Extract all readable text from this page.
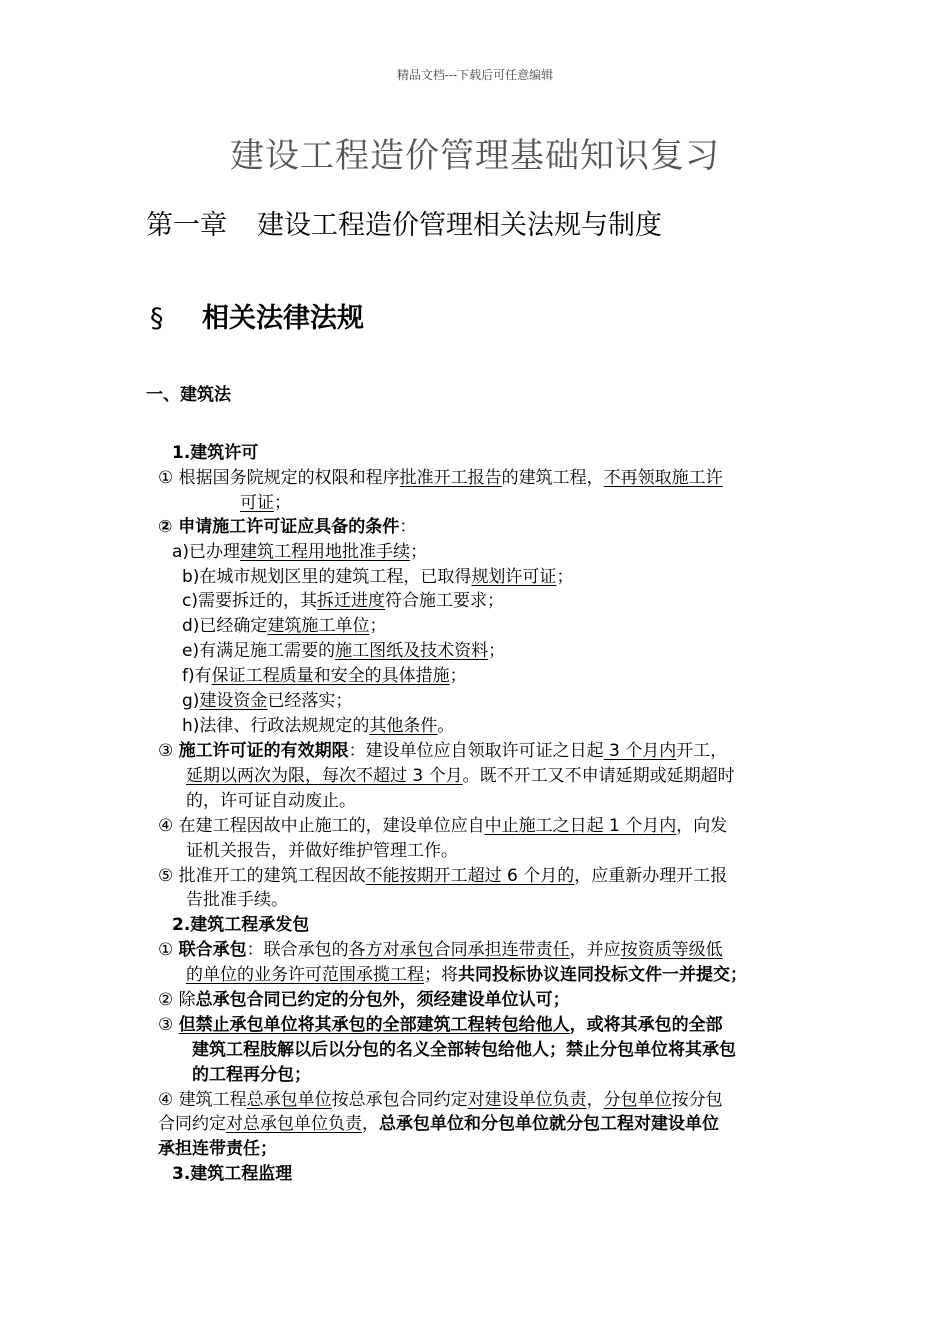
精品文档---下载后可任意编辑
建设工程造价管理基础知识复习
第一章 建设工程造价管理相关法规与制度
§ 相关法律法规
一、建筑法
1.建筑许可
① 根据国务院规定的权限和程序批准开工报告的建筑工程，不再领取施工许
可证；
② 申请施工许可证应具备的条件：
a)已办理建筑工程用地批准手续；
b)在城市规划区里的建筑工程，已取得规划许可证；
c)需要拆迁的，其拆迁进度符合施工要求；
d)已经确定建筑施工单位；
e)有满足施工需要的施工图纸及技术资料；
f)有保证工程质量和安全的具体措施；
g)建设资金已经落实；
h)法律、行政法规规定的其他条件。
③ 施工许可证的有效期限：建设单位应自领取许可证之日起 3 个月内开工，
延期以两次为限，每次不超过 3 个月。既不开工又不申请延期或延期超时
的，许可证自动废止。
④ 在建工程因故中止施工的，建设单位应自中止施工之日起 1 个月内，向发
证机关报告，并做好维护管理工作。
⑤ 批准开工的建筑工程因故不能按期开工超过 6 个月的，应重新办理开工报
告批准手续。
2.建筑工程承发包
① 联合承包：联合承包的各方对承包合同承担连带责任，并应按资质等级低
的单位的业务许可范围承揽工程；将共同投标协议连同投标文件一并提交；
② 除总承包合同已约定的分包外，须经建设单位认可；
③ 但禁止承包单位将其承包的全部建筑工程转包给他人，或将其承包的全部
建筑工程肢解以后以分包的名义全部转包给他人；禁止分包单位将其承包
的工程再分包；
④ 建筑工程总承包单位按总承包合同约定对建设单位负责，分包单位按分包
合同约定对总承包单位负责，总承包单位和分包单位就分包工程对建设单位
承担连带责任；
3.建筑工程监理
